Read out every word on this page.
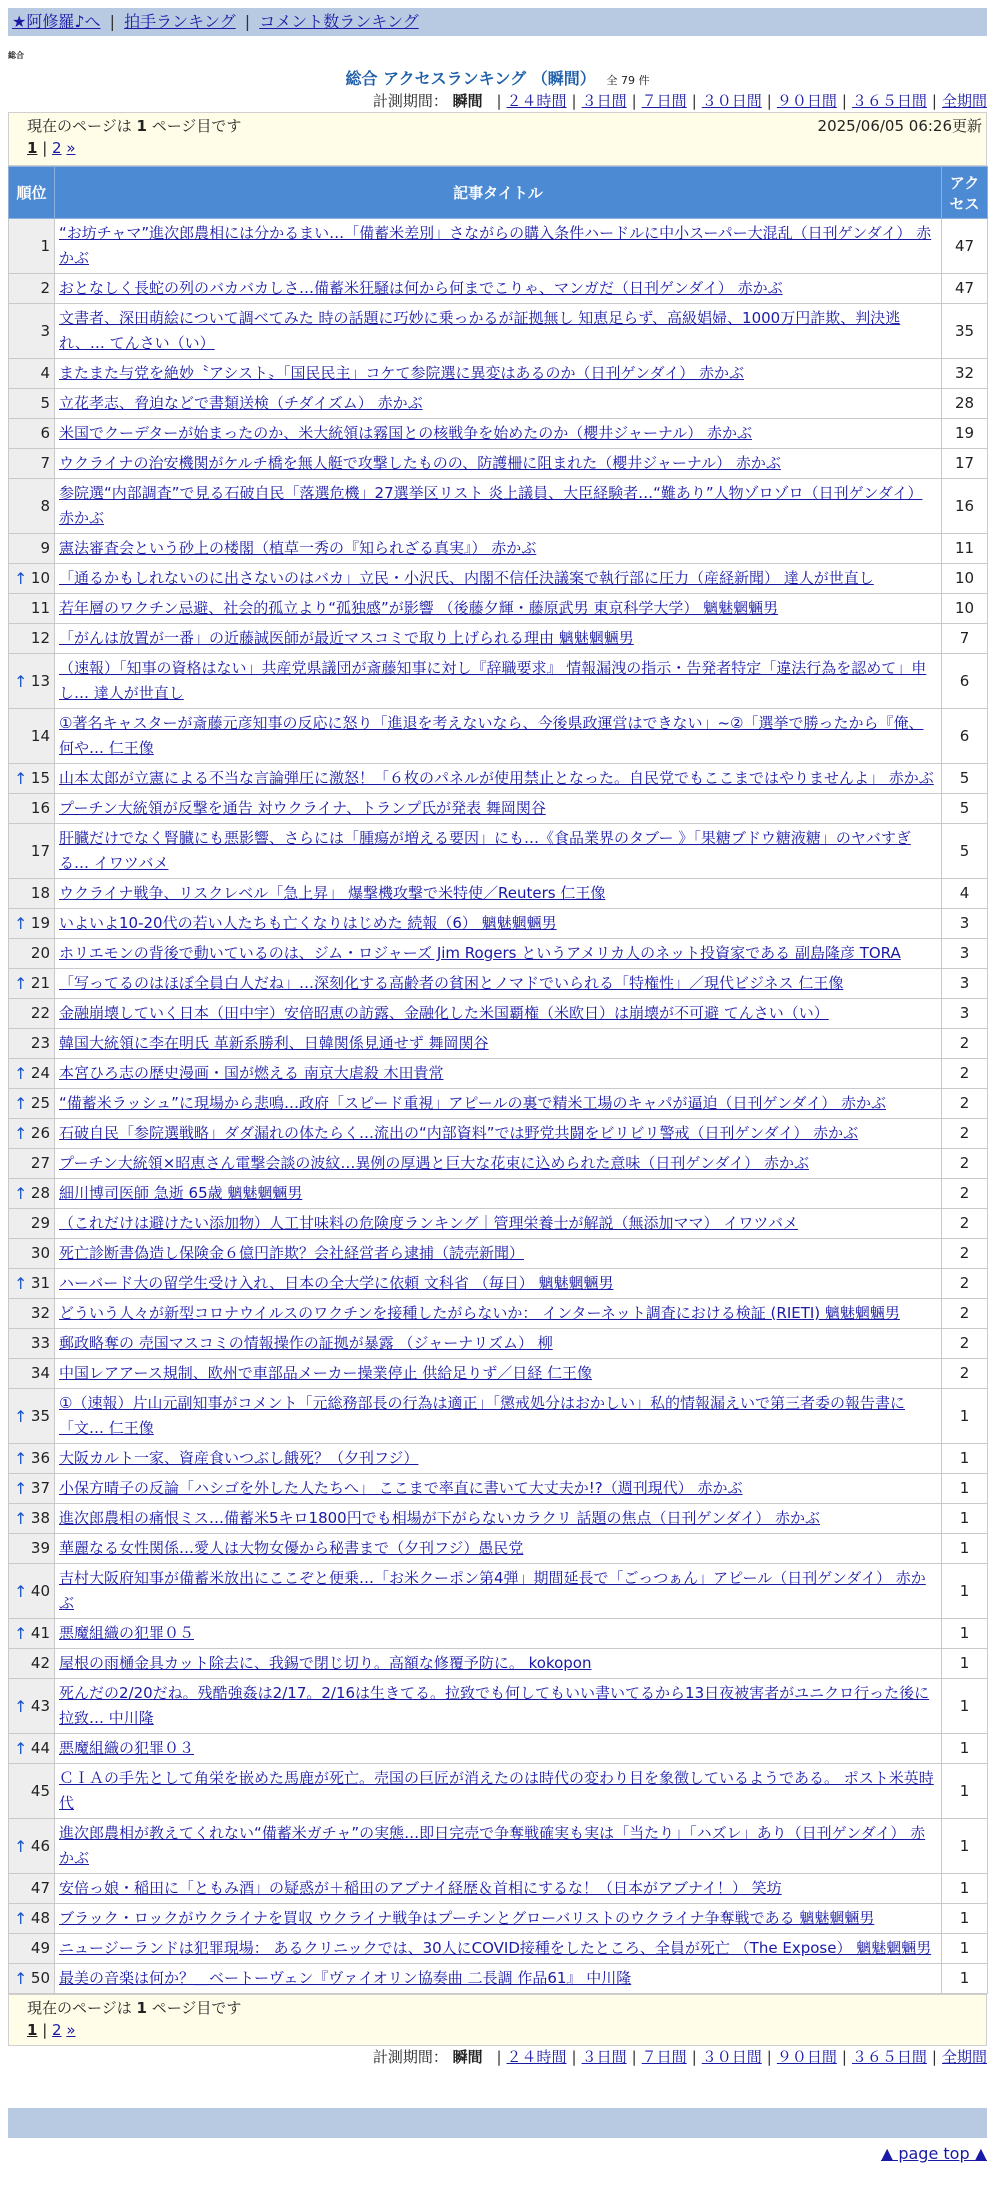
★阿修羅♪へ | 拍手ランキング | コメント数ランキング
総合
総合 アクセスランキング （瞬間） 全 79 件
計測期間： 瞬間 | ２４時間 | ３日間 | ７日間 | ３０日間 | ９０日間 | ３６５日間 | 全期間
現在のページは 1 ページ目です	2025/06/05 06:26更新
1 | 2 »
順位	記事タイトル	アクセス
1	“お坊チャマ”進次郎農相には分かるまい…「備蓄米差別」さながらの購入条件ハードルに中小スーパー大混乱（日刊ゲンダイ） 赤かぶ	47
2	おとなしく長蛇の列のバカバカしさ…備蓄米狂騒は何から何までこりゃ、マンガだ（日刊ゲンダイ） 赤かぶ	47
3	文書者、深田萌絵について調べてみた 時の話題に巧妙に乗っかるが証拠無し 知恵足らず、高級娼婦、1000万円詐欺、判決逃れ、… てんさい（い）	35
4	またまた与党を絶妙〝アシスト〟「国民民主」コケて参院選に異変はあるのか（日刊ゲンダイ） 赤かぶ	32
5	立花孝志、脅迫などで書類送検（チダイズム） 赤かぶ	28
6	米国でクーデターが始まったのか、米大統領は霧国との核戦争を始めたのか（櫻井ジャーナル） 赤かぶ	19
7	ウクライナの治安機関がケルチ橋を無人艇で攻撃したものの、防護柵に阻まれた（櫻井ジャーナル） 赤かぶ	17
8	参院選“内部調査”で見る石破自民「落選危機」27選挙区リスト 炎上議員、大臣経験者…“難あり”人物ゾロゾロ（日刊ゲンダイ） 赤かぶ	16
9	憲法審査会という砂上の楼閣（植草一秀の『知られざる真実』） 赤かぶ	11

↑ 10	「通るかもしれないのに出さないのはバカ」立民・小沢氏、内閣不信任決議案で執行部に圧力（産経新聞） 達人が世直し	10
11	若年層のワクチン忌避、社会的孤立より“孤独感”が影響 （後藤夕輝・藤原武男 東京科学大学） 魑魅魍魎男	10
12	「がんは放置が一番」の近藤誠医師が最近マスコミで取り上げられる理由 魑魅魍魎男	7

↑ 13	（速報）「知事の資格はない」共産党県議団が斎藤知事に対し『辞職要求』 情報漏洩の指示・告発者特定「違法行為を認めて」申し… 達人が世直し	6
14	①著名キャスターが斎藤元彦知事の反応に怒り「進退を考えないなら、今後県政運営はできない」~②「選挙で勝ったから『俺、何や… 仁王像	6

↑ 15	山本太郎が立憲による不当な言論弾圧に激怒！「６枚のパネルが使用禁止となった。自民党でもここまではやりませんよ」 赤かぶ	5
16	プーチン大統領が反撃を通告 対ウクライナ、トランプ氏が発表 舞岡関谷	5
17	肝臓だけでなく腎臓にも悪影響、さらには「腫瘍が増える要因」にも…《食品業界のタブー 》「果糖ブドウ糖液糖」のヤバすぎる… イワツバメ	5
18	ウクライナ戦争、リスクレベル「急上昇」 爆撃機攻撃で米特使／Reuters 仁王像	4

↑ 19	いよいよ10-20代の若い人たちも亡くなりはじめた 続報（6） 魑魅魍魎男	3
20	ホリエモンの背後で動いているのは、ジム・ロジャーズ Jim Rogers というアメリカ人のネット投資家である 副島隆彦 TORA	3

↑ 21	「写ってるのはほぼ全員白人だね」…深刻化する高齢者の貧困とノマドでいられる「特権性」／現代ビジネス 仁王像	3
22	金融崩壊していく日本（田中宇）安倍昭恵の訪露、金融化した米国覇権（米欧日）は崩壊が不可避 てんさい（い）	3
23	韓国大統領に李在明氏 革新系勝利、日韓関係見通せず 舞岡関谷	2

↑ 24	本宮ひろ志の歴史漫画・国が燃える 南京大虐殺 木田貴常	2

↑ 25	“備蓄米ラッシュ”に現場から悲鳴…政府「スピード重視」アピールの裏で精米工場のキャパが逼迫（日刊ゲンダイ） 赤かぶ	2

↑ 26	石破自民「参院選戦略」ダダ漏れの体たらく…流出の“内部資料”では野党共闘をビリビリ警戒（日刊ゲンダイ） 赤かぶ	2
27	プーチン大統領×昭恵さん電撃会談の波紋…異例の厚遇と巨大な花束に込められた意味（日刊ゲンダイ） 赤かぶ	2

↑ 28	細川博司医師 急逝 65歳 魑魅魍魎男	2
29	（これだけは避けたい添加物）人工甘味料の危険度ランキング｜管理栄養士が解説（無添加ママ） イワツバメ	2
30	死亡診断書偽造し保険金６億円詐欺？会社経営者ら逮捕（読売新聞）	2

↑ 31	ハーバード大の留学生受け入れ、日本の全大学に依頼 文科省 （毎日） 魑魅魍魎男	2
32	どういう人々が新型コロナウイルスのワクチンを接種したがらないか： インターネット調査における検証 (RIETI) 魑魅魍魎男	2
33	郵政略奪の 売国マスコミの情報操作の証拠が暴露 （ジャーナリズム） 柳	2
34	中国レアアース規制、欧州で車部品メーカー操業停止 供給足りず／日経 仁王像	2

↑ 35	①（速報）片山元副知事がコメント「元総務部長の行為は適正」「懲戒処分はおかしい」私的情報漏えいで第三者委の報告書に「文… 仁王像	1

↑ 36	大阪カルト一家、資産食いつぶし餓死？（夕刊フジ）	1

↑ 37	小保方晴子の反論「ハシゴを外した人たちへ」 ここまで率直に書いて大丈夫か!?（週刊現代） 赤かぶ	1

↑ 38	進次郎農相の痛恨ミス…備蓄米5キロ1800円でも相場が下がらないカラクリ 話題の焦点（日刊ゲンダイ） 赤かぶ	1
39	華麗なる女性関係…愛人は大物女優から秘書まで（夕刊フジ）愚民党	1

↑ 40	吉村大阪府知事が備蓄米放出にここぞと便乗…「お米クーポン第4弾」期間延長で「ごっつぁん」アピール（日刊ゲンダイ） 赤かぶ	1

↑ 41	悪魔組織の犯罪０５	1
42	屋根の雨樋金具カット除去に、我錫で閉じ切り。高額な修覆予防に。 kokopon	1

↑ 43	死んだの2/20だね。残酷強姦は2/17。2/16は生きてる。拉致でも何してもいい書いてるから13日夜被害者がユニクロ行った後に拉致… 中川隆	1

↑ 44	悪魔組織の犯罪０３	1
45	ＣＩＡの手先として角栄を嵌めた馬鹿が死亡。売国の巨匠が消えたのは時代の変わり目を象徴しているようである。 ポスト米英時代	1

↑ 46	進次郎農相が教えてくれない“備蓄米ガチャ”の実態…即日完売で争奪戦確実も実は「当たり」「ハズレ」あり（日刊ゲンダイ） 赤かぶ	1
47	安倍っ娘・稲田に「ともみ酒」の疑惑が＋稲田のアブナイ経歴＆首相にするな！（日本がアブナイ！） 笑坊	1

↑ 48	ブラック・ロックがウクライナを買収 ウクライナ戦争はプーチンとグローバリストのウクライナ争奪戦である 魑魅魍魎男	1
49	ニュージーランドは犯罪現場： あるクリニックでは、30人にCOVID接種をしたところ、全員が死亡 （The Expose） 魑魅魍魎男	1

↑ 50	最美の音楽は何か？＿ベートーヴェン『ヴァイオリン協奏曲 二長調 作品61』 中川隆	1
現在のページは 1 ページ目です
1 | 2 »
計測期間： 瞬間 | ２４時間 | ３日間 | ７日間 | ３０日間 | ９０日間 | ３６５日間 | 全期間
▲ page top ▲
